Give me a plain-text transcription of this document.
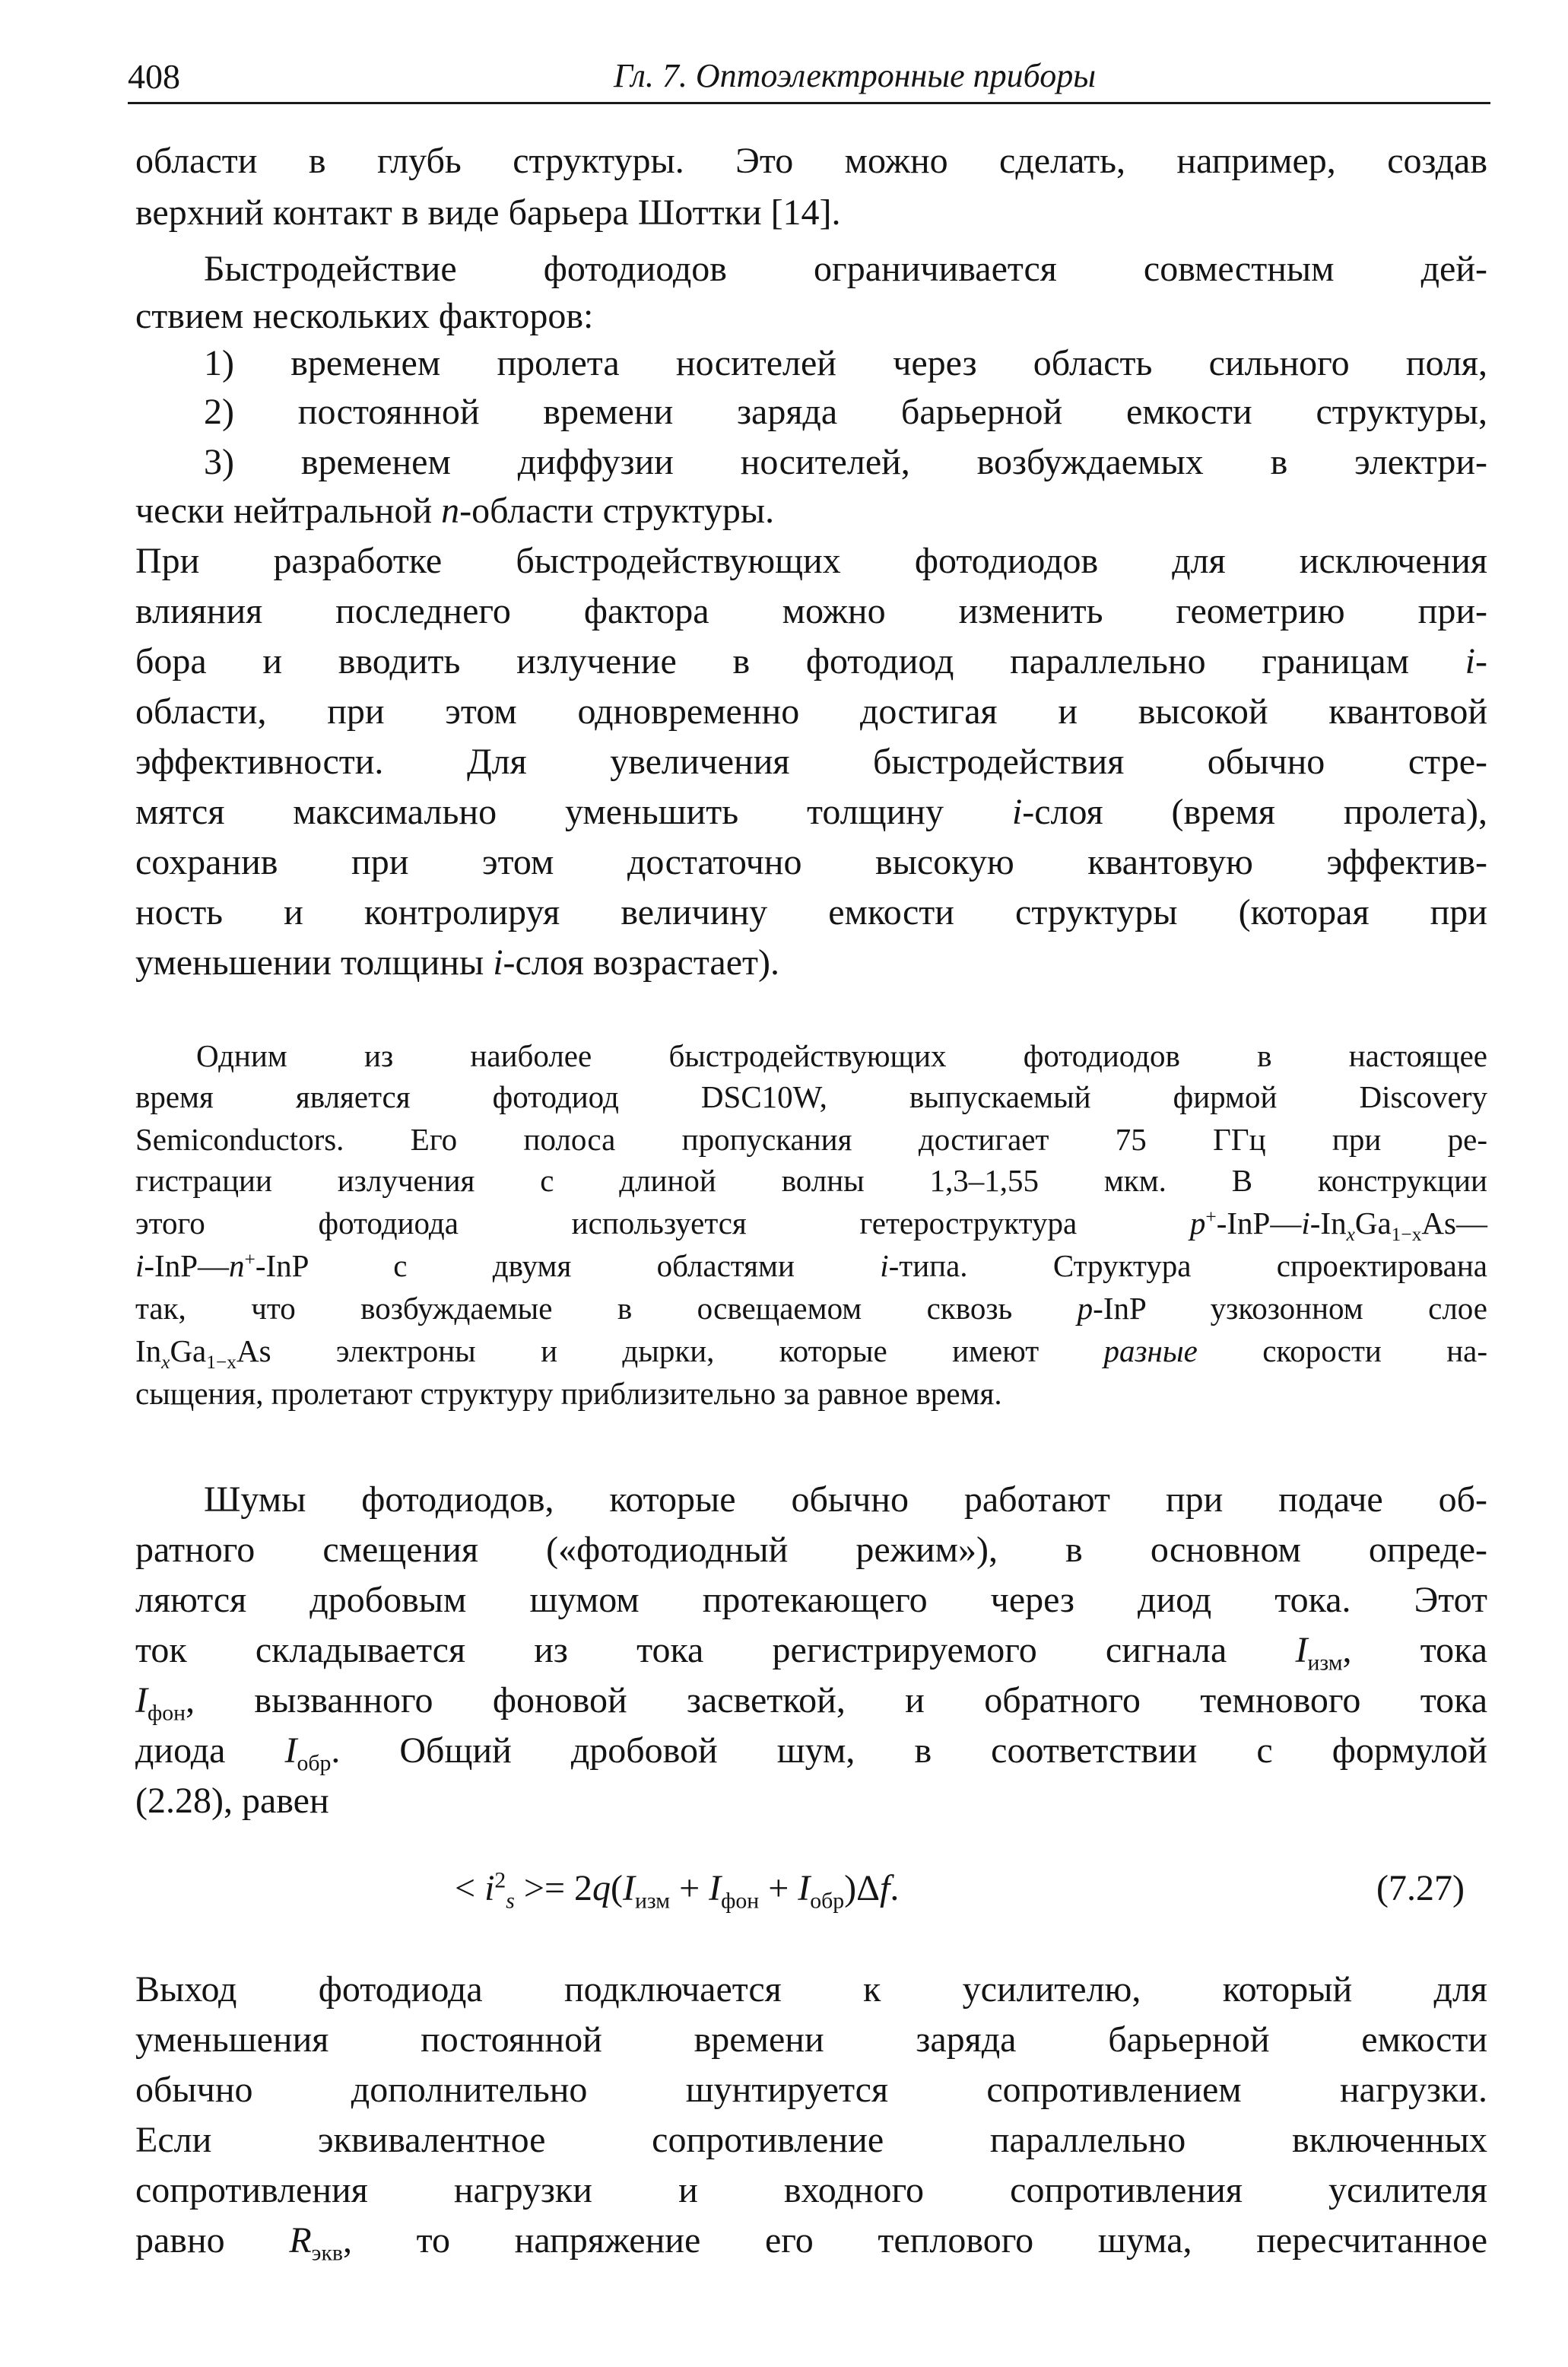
408	Гл. 7. Оптоэлектронные приборы
области в глубь структуры. Это можно сделать, например, создав
верхний контакт в виде барьера Шоттки [14].
Быстродействие фотодиодов ограничивается совместным дей-
ствием нескольких факторов:
1) временем пролета носителей через область сильного поля,
2) постоянной времени заряда барьерной емкости структуры,
3) временем диффузии носителей, возбуждаемых в электри-
чески нейтральной n-области структуры.
При разработке быстродействующих фотодиодов для исключения
влияния последнего фактора можно изменить геометрию при-
бора и вводить излучение в фотодиод параллельно границам i-
области, при этом одновременно достигая и высокой квантовой
эффективности. Для увеличения быстродействия обычно стре-
мятся максимально уменьшить толщину i-слоя (время пролета),
сохранив при этом достаточно высокую квантовую эффектив-
ность и контролируя величину емкости структуры (которая при
уменьшении толщины i-слоя возрастает).
Одним из наиболее быстродействующих фотодиодов в настоящее
время является фотодиод DSC10W, выпускаемый фирмой Discovery
Semiconductors. Его полоса пропускания достигает 75 ГГц при ре-
гистрации излучения с длиной волны 1,3–1,55 мкм. В конструкции
этого фотодиода используется гетероструктура $p^+-InP—i-In_xGa_{1-x}As—$
i-InP—n+-InP с двумя областями i-типа. Структура спроектирована
так, что возбуждаемые в освещаемом сквозь p-InP узкозонном слое
$In_xGa_{1-x}As$ электроны и дырки, которые имеют разные скорости на-
сыщения, пролетают структуру приблизительно за равное время.
Шумы фотодиодов, которые обычно работают при подаче об-
ратного смещения («фотодиодный режим»), в основном опреде-
ляются дробовым шумом протекающего через диод тока. Этот
ток складывается из тока регистрируемого сигнала $I_{изм}$, тока
$I_{фон}$, вызванного фоновой засветкой, и обратного темнового тока
диода $I_{обр}$. Общий дробовой шум, в соответствии с формулой
(2.28), равен
< $i^2_s >= 2q(I_{изм} + I_{фон} + I_{обр})\Delta f$.	(7.27)
Выход фотодиода подключается к усилителю, который для
уменьшения постоянной времени заряда барьерной емкости
обычно дополнительно шунтируется сопротивлением нагрузки.
Если эквивалентное сопротивление параллельно включенных
сопротивления нагрузки и входного сопротивления усилителя
равно $R_{экв}$, то напряжение его теплового шума, пересчитанное
